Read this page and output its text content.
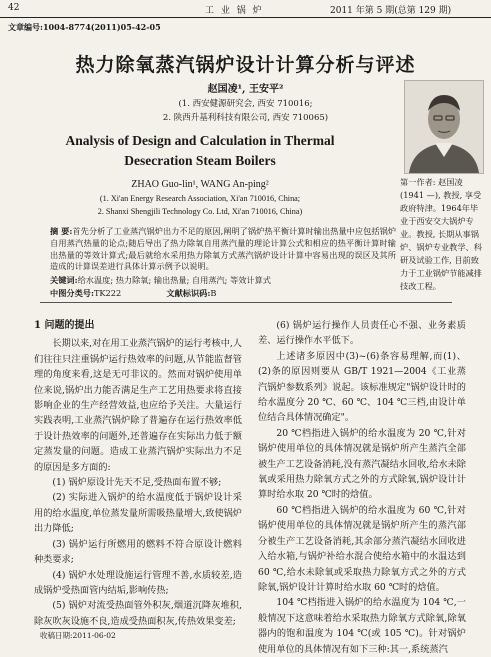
42	工 业 锅 炉	2011 年第 5 期(总第 129 期)
文章编号:1004-8774(2011)05-42-05
热力除氧蒸汽锅炉设计计算分析与评述
赵国凌¹, 王安平²
(1. 西安健源研究会, 西安 710016;
2. 陕西升基利科技有限公司, 西安 710065)
Analysis of Design and Calculation in Thermal
Desecration Steam Boilers
ZHAO Guo-lin¹, WANG An-ping²
(1. Xi'an Energy Research Association, Xi'an 710016, China;
2. Shanxi Shengjili Technology Co. Ltd, Xi'an 710016, China)
第一作者: 赵国凌(1941 —), 教授, 享受政府特津。1964年毕业于西安交大锅炉专业。教授, 长期从事锅炉、锅炉专业教学、科研及试验工作, 目前致力于工业锅炉节能减排技改工程。
摘 要:首先分析了工业蒸汽锅炉出力不足的原因,阐明了锅炉热平衡计算时输出热量中应包括锅炉自用蒸汽热量的论点;随后导出了热力除氧自用蒸汽量的理论计算公式和相应的热平衡计算时输出热量的等效计算式;最后就给水采用热力除氧方式蒸汽锅炉设计计算中容易出现的误区及其所造成的计算误差进行具体计算示例予以说明。
关键词:给水温度; 热力除氧; 输出热量; 自用蒸汽; 等效计算式
中图分类号:TK222	文献标识码:B

1 问题的提出

长期以来,对在用工业蒸汽锅炉的运行考核中,人们往往只注重锅炉运行热效率的问题,从节能监督管理的角度来看,这是无可非议的。然而对锅炉使用单位来说,锅炉出力能否满足生产工艺用热要求将直接影响企业的生产经营效益,也应给予关注。大量运行实践表明,工业蒸汽锅炉除了普遍存在运行热效率低于设计热效率的问题外,还普遍存在实际出力低于额定蒸发量的问题。造成工业蒸汽锅炉实际出力不足的原因是多方面的:

(1) 锅炉原设计先天不足,受热面布置不够;

(2) 实际进入锅炉的给水温度低于锅炉设计采用的给水温度,单位蒸发量所需吸热量增大,致使锅炉出力降低;

(3) 锅炉运行所燃用的燃料不符合原设计燃料种类要求;

(4) 锅炉水处理设施运行管理不善,水质较差,造成锅炉受热面管内结垢,影响传热;

(5) 锅炉对流受热面管外积灰,烟道沉降灰堆积,除灰吹灰设施不良,造成受热面积灰,传热效果变差;

(6) 锅炉运行操作人员责任心不强、业务素质差、运行操作水平低下。

上述诸多原因中(3)~(6)条容易理解,而(1)、(2)条的原因则要从 GB/T 1921—2004《工业蒸汽锅炉参数系列》说起。该标准规定"锅炉设计时的给水温度分 20 ℃、60 ℃、104 ℃三档,由设计单位结合具体情况确定"。

20 ℃档指进入锅炉的给水温度为 20 ℃,针对锅炉使用单位的具体情况就是锅炉所产生蒸汽全部被生产工艺设备消耗,没有蒸汽凝结水回收,给水未除氧或采用热力除氧方式之外的方式除氧,锅炉设计计算时给水取 20 ℃时的焓值。

60 ℃档指进入锅炉的给水温度为 60 ℃,针对锅炉使用单位的具体情况就是锅炉所产生的蒸汽部分被生产工艺设备消耗,其余部分蒸汽凝结水回收进入给水箱,与锅炉补给水混合使给水箱中的水温达到 60 ℃,给水未除氧或采取热力除氧方式之外的方式除氧,锅炉设计计算时给水取 60 ℃时的焓值。

104 ℃档指进入锅炉的给水温度为 104 ℃,一般情况下这意味着给水采取热力除氧方式除氧,除氧器内的饱和温度为 104 ℃(或 105 ℃)。针对锅炉使用单位的具体情况有如下三种:其一,系统蒸汽

收稿日期:2011-06-02
